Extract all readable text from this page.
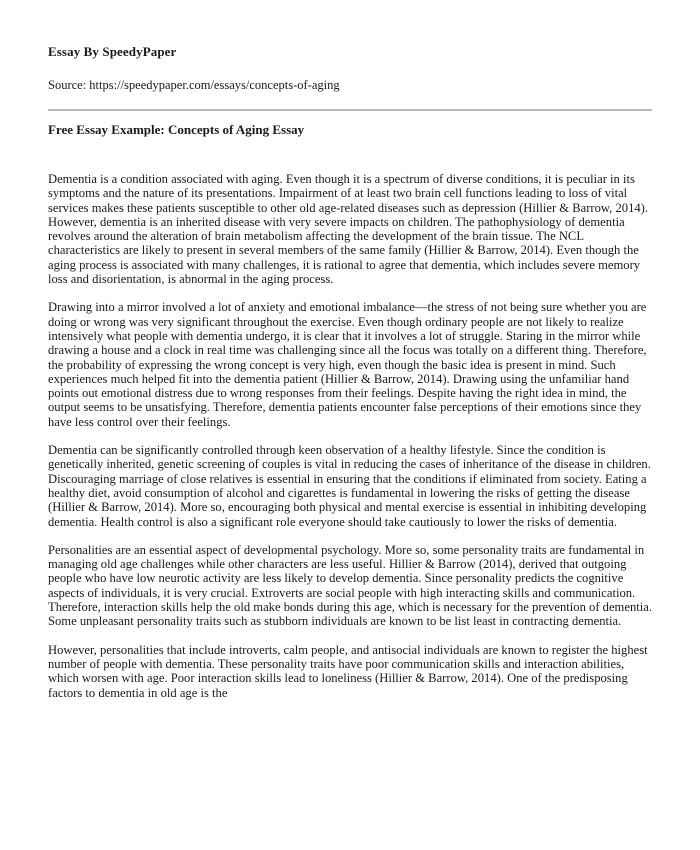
Essay By SpeedyPaper
Source: https://speedypaper.com/essays/concepts-of-aging
Free Essay Example: Concepts of Aging Essay

Dementia is a condition associated with aging. Even though it is a spectrum of diverse conditions, it is peculiar in its symptoms and the nature of its presentations. Impairment of at least two brain cell functions leading to loss of vital services makes these patients susceptible to other old age-related diseases such as depression (Hillier & Barrow, 2014). However, dementia is an inherited disease with very severe impacts on children. The pathophysiology of dementia revolves around the alteration of brain metabolism affecting the development of the brain tissue. The NCL characteristics are likely to present in several members of the same family (Hillier & Barrow, 2014). Even though the aging process is associated with many challenges, it is rational to agree that dementia, which includes severe memory loss and disorientation, is abnormal in the aging process.

Drawing into a mirror involved a lot of anxiety and emotional imbalance—the stress of not being sure whether you are doing or wrong was very significant throughout the exercise. Even though ordinary people are not likely to realize intensively what people with dementia undergo, it is clear that it involves a lot of struggle. Staring in the mirror while drawing a house and a clock in real time was challenging since all the focus was totally on a different thing. Therefore, the probability of expressing the wrong concept is very high, even though the basic idea is present in mind. Such experiences much helped fit into the dementia patient (Hillier & Barrow, 2014). Drawing using the unfamiliar hand points out emotional distress due to wrong responses from their feelings. Despite having the right idea in mind, the output seems to be unsatisfying. Therefore, dementia patients encounter false perceptions of their emotions since they have less control over their feelings.

Dementia can be significantly controlled through keen observation of a healthy lifestyle. Since the condition is genetically inherited, genetic screening of couples is vital in reducing the cases of inheritance of the disease in children. Discouraging marriage of close relatives is essential in ensuring that the conditions if eliminated from society. Eating a healthy diet, avoid consumption of alcohol and cigarettes is fundamental in lowering the risks of getting the disease (Hillier & Barrow, 2014). More so, encouraging both physical and mental exercise is essential in inhibiting developing dementia. Health control is also a significant role everyone should take cautiously to lower the risks of dementia.

Personalities are an essential aspect of developmental psychology. More so, some personality traits are fundamental in managing old age challenges while other characters are less useful. Hillier & Barrow (2014), derived that outgoing people who have low neurotic activity are less likely to develop dementia. Since personality predicts the cognitive aspects of individuals, it is very crucial. Extroverts are social people with high interacting skills and communication. Therefore, interaction skills help the old make bonds during this age, which is necessary for the prevention of dementia. Some unpleasant personality traits such as stubborn individuals are known to be list least in contracting dementia.

However, personalities that include introverts, calm people, and antisocial individuals are known to register the highest number of people with dementia. These personality traits have poor communication skills and interaction abilities, which worsen with age. Poor interaction skills lead to loneliness (Hillier & Barrow, 2014). One of the predisposing factors to dementia in old age is the
